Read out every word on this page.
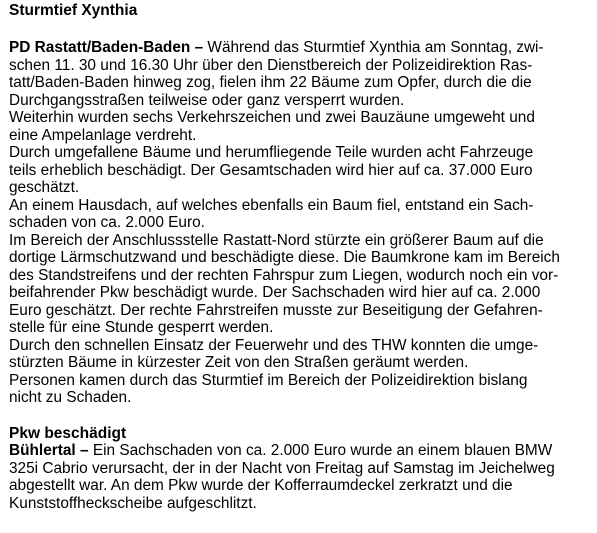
Sturmtief Xynthia
PD Rastatt/Baden-Baden – Während das Sturmtief Xynthia am Sonntag, zwi-
schen 11. 30 und 16.30 Uhr über den Dienstbereich der Polizeidirektion Ras-
tatt/Baden-Baden hinweg zog, fielen ihm 22 Bäume zum Opfer, durch die die
Durchgangsstraßen teilweise oder ganz versperrt wurden.
Weiterhin wurden sechs Verkehrszeichen und zwei Bauzäune umgeweht und
eine Ampelanlage verdreht.
Durch umgefallene Bäume und herumfliegende Teile wurden acht Fahrzeuge
teils erheblich beschädigt. Der Gesamtschaden wird hier auf ca. 37.000 Euro
geschätzt.
An einem Hausdach, auf welches ebenfalls ein Baum fiel, entstand ein Sach-
schaden von ca. 2.000 Euro.
Im Bereich der Anschlussstelle Rastatt-Nord stürzte ein größerer Baum auf die
dortige Lärmschutzwand und beschädigte diese. Die Baumkrone kam im Bereich
des Standstreifens und der rechten Fahrspur zum Liegen, wodurch noch ein vor-
beifahrender Pkw beschädigt wurde. Der Sachschaden wird hier auf ca. 2.000
Euro geschätzt. Der rechte Fahrstreifen musste zur Beseitigung der Gefahren-
stelle für eine Stunde gesperrt werden.
Durch den schnellen Einsatz der Feuerwehr und des THW konnten die umge-
stürzten Bäume in kürzester Zeit von den Straßen geräumt werden.
Personen kamen durch das Sturmtief im Bereich der Polizeidirektion bislang
nicht zu Schaden.
Pkw beschädigt
Bühlertal – Ein Sachschaden von ca. 2.000 Euro wurde an einem blauen BMW
325i Cabrio verursacht, der in der Nacht von Freitag auf Samstag im Jeichelweg
abgestellt war. An dem Pkw wurde der Kofferraumdeckel zerkratzt und die
Kunststoffheckscheibe aufgeschlitzt.
